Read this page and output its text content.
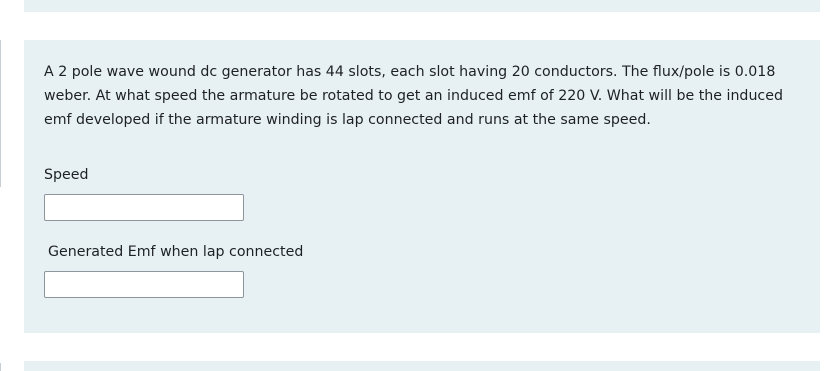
A 2 pole wave wound dc generator has 44 slots, each slot having 20 conductors. The flux/pole is 0.018 weber. At what speed the armature be rotated to get an induced emf of 220 V. What will be the induced emf developed if the armature winding is lap connected and runs at the same speed.

Speed

Generated Emf when lap connected
